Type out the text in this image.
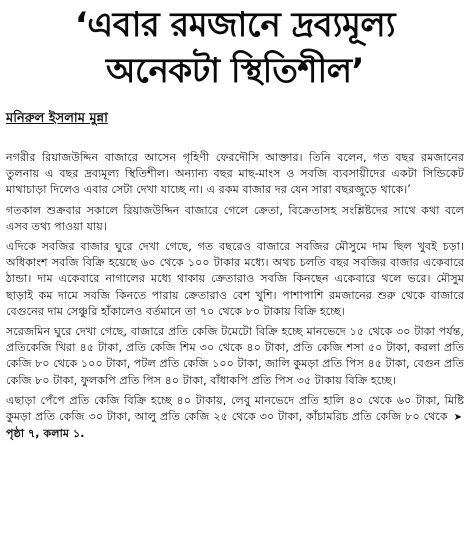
‘এবার রমজানে দ্রব্যমূল্য
অনেকটা স্থিতিশীল’
মনিরুল ইসলাম মুন্না

নগরীর রিয়াজউদ্দিন বাজারে আসেন গৃহিণী ফেরদৌসি আক্তার। তিনি বলেন, গত বছর রমজানের তুলনায় এ বছর দ্রব্যমূল্য স্থিতিশীল। অন্যান্য বছর মাছ-মাংস ও সবজি ব্যবসায়ীদের একটা সিন্ডিকেট মাথাচাড়া দিলেও এবার সেটা দেখা যাচ্ছে না। এ রকম বাজার দর যেন সারা বছরজুড়ে থাকে।’

গতকাল শুক্রবার সকালে রিয়াজউদ্দিন বাজারে গেলে ক্রেতা, বিক্রেতাসহ সংশ্লিষ্টদের সাথে কথা বলে এসব তথ্য পাওয়া যায়।

এদিকে সবজির বাজার ঘুরে দেখা গেছে, গত বছরেও বাজারে সবজির মৌসুমে দাম ছিল খুবই চড়া। অধিকাংশ সবজি বিক্রি হয়েছে ৬০ থেকে ১০০ টাকার মধ্যে। অথচ চলতি বছর সবজির বাজার একেবারে ঠান্ডা। দাম একেবারে নাগালের মধ্যে থাকায় ক্রেতারাও সবজি কিনছেন একেবারে থলে ভরে। মৌসুম ছাড়াই কম দামে সবজি কিনতে পারায় ক্রেতারাও বেশ খুশি। পাশাপাশি রমজানের শুরু থেকে বাজারে বেগুনের দাম সেঞ্চুরি হাঁকালেও বর্তমানে তা ৭০ থেকে ৮০ টাকায় বিক্রি হচ্ছে।

সরেজমিন ঘুরে দেখা গেছে, বাজারে প্রতি কেজি টমেটো বিক্রি হচ্ছে মানভেদে ১৫ থেকে ৩০ টাকা পর্যন্ত, প্রতিকেজি খিরা ৪৫ টাকা, প্রতি কেজি শিম ৩০ থেকে ৪০ টাকা, প্রতি কেজি শসা ৫০ টাকা, করলা প্রতি কেজি ৮০ থেকে ১০০ টাকা, পটল প্রতি কেজি ১০০ টাকা, জালি কুমড়া প্রতি পিস ৪৫ টাকা, বেগুন প্রতি কেজি ৮০ টাকা, ফুলকপি প্রতি পিস ৪০ টাকা, বাঁধাকপি প্রতি পিস ৩৫ টাকায় বিক্রি হচ্ছে।

এছাড়া পেঁপে প্রতি কেজি বিক্রি হচ্ছে ৪০ টাকায়, লেবু মানভেদে প্রতি হালি ৪০ থেকে ৬০ টাকা, মিষ্টি কুমড়া প্রতি কেজি ৩০ টাকা, আলু প্রতি কেজি ২৫ থেকে ৩০ টাকা, কাঁচামরিচ প্রতি কেজি ৮০ থেকে ➤ পৃষ্ঠা ৭, কলাম ১.
